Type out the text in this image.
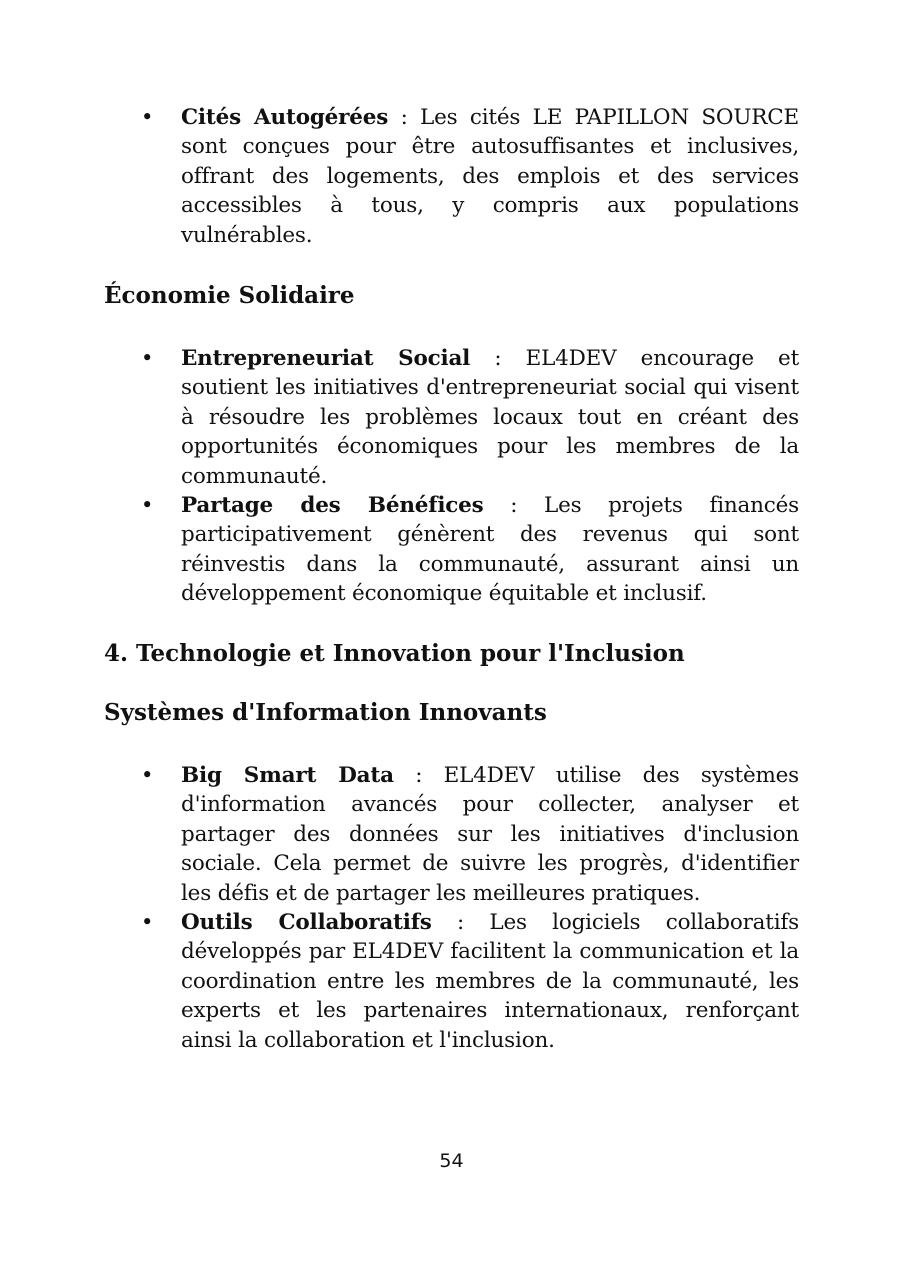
• Cités Autogérées : Les cités LE PAPILLON SOURCE sont conçues pour être autosuffisantes et inclusives, offrant des logements, des emplois et des services accessibles à tous, y compris aux populations vulnérables.
Économie Solidaire
• Entrepreneuriat Social : EL4DEV encourage et soutient les initiatives d'entrepreneuriat social qui visent à résoudre les problèmes locaux tout en créant des opportunités économiques pour les membres de la communauté.
• Partage des Bénéfices : Les projets financés participativement génèrent des revenus qui sont réinvestis dans la communauté, assurant ainsi un développement économique équitable et inclusif.
4. Technologie et Innovation pour l'Inclusion
Systèmes d'Information Innovants
• Big Smart Data : EL4DEV utilise des systèmes d'information avancés pour collecter, analyser et partager des données sur les initiatives d'inclusion sociale. Cela permet de suivre les progrès, d'identifier les défis et de partager les meilleures pratiques.
• Outils Collaboratifs : Les logiciels collaboratifs développés par EL4DEV facilitent la communication et la coordination entre les membres de la communauté, les experts et les partenaires internationaux, renforçant ainsi la collaboration et l'inclusion.
54
